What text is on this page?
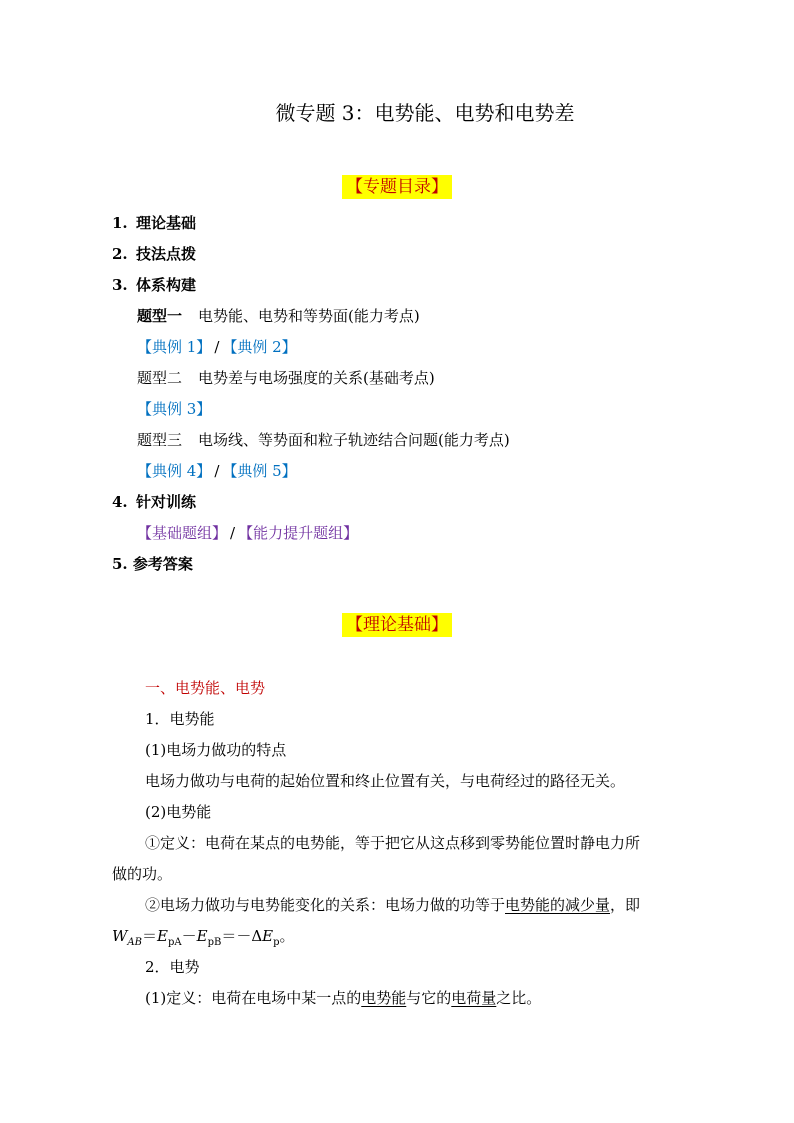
微专题 3：电势能、电势和电势差
【专题目录】
1. 理论基础
2. 技法点拨
3. 体系构建
题型一 电势能、电势和等势面(能力考点)
【典例 1】 / 【典例 2】
题型二 电势差与电场强度的关系(基础考点)
【典例 3】
题型三 电场线、等势面和粒子轨迹结合问题(能力考点)
【典例 4】 / 【典例 5】
4. 针对训练
【基础题组】 / 【能力提升题组】
5. 参考答案
【理论基础】
一、电势能、电势
1．电势能
(1)电场力做功的特点
电场力做功与电荷的起始位置和终止位置有关，与电荷经过的路径无关。
(2)电势能
①定义：电荷在某点的电势能，等于把它从这点移到零势能位置时静电力所
做的功。
②电场力做功与电势能变化的关系：电场力做的功等于电势能的减少量，即
$W_{AB}=E_{pA}-E_{pB}=-\Delta E_p$。
2．电势
(1)定义：电荷在电场中某一点的电势能与它的电荷量之比。
